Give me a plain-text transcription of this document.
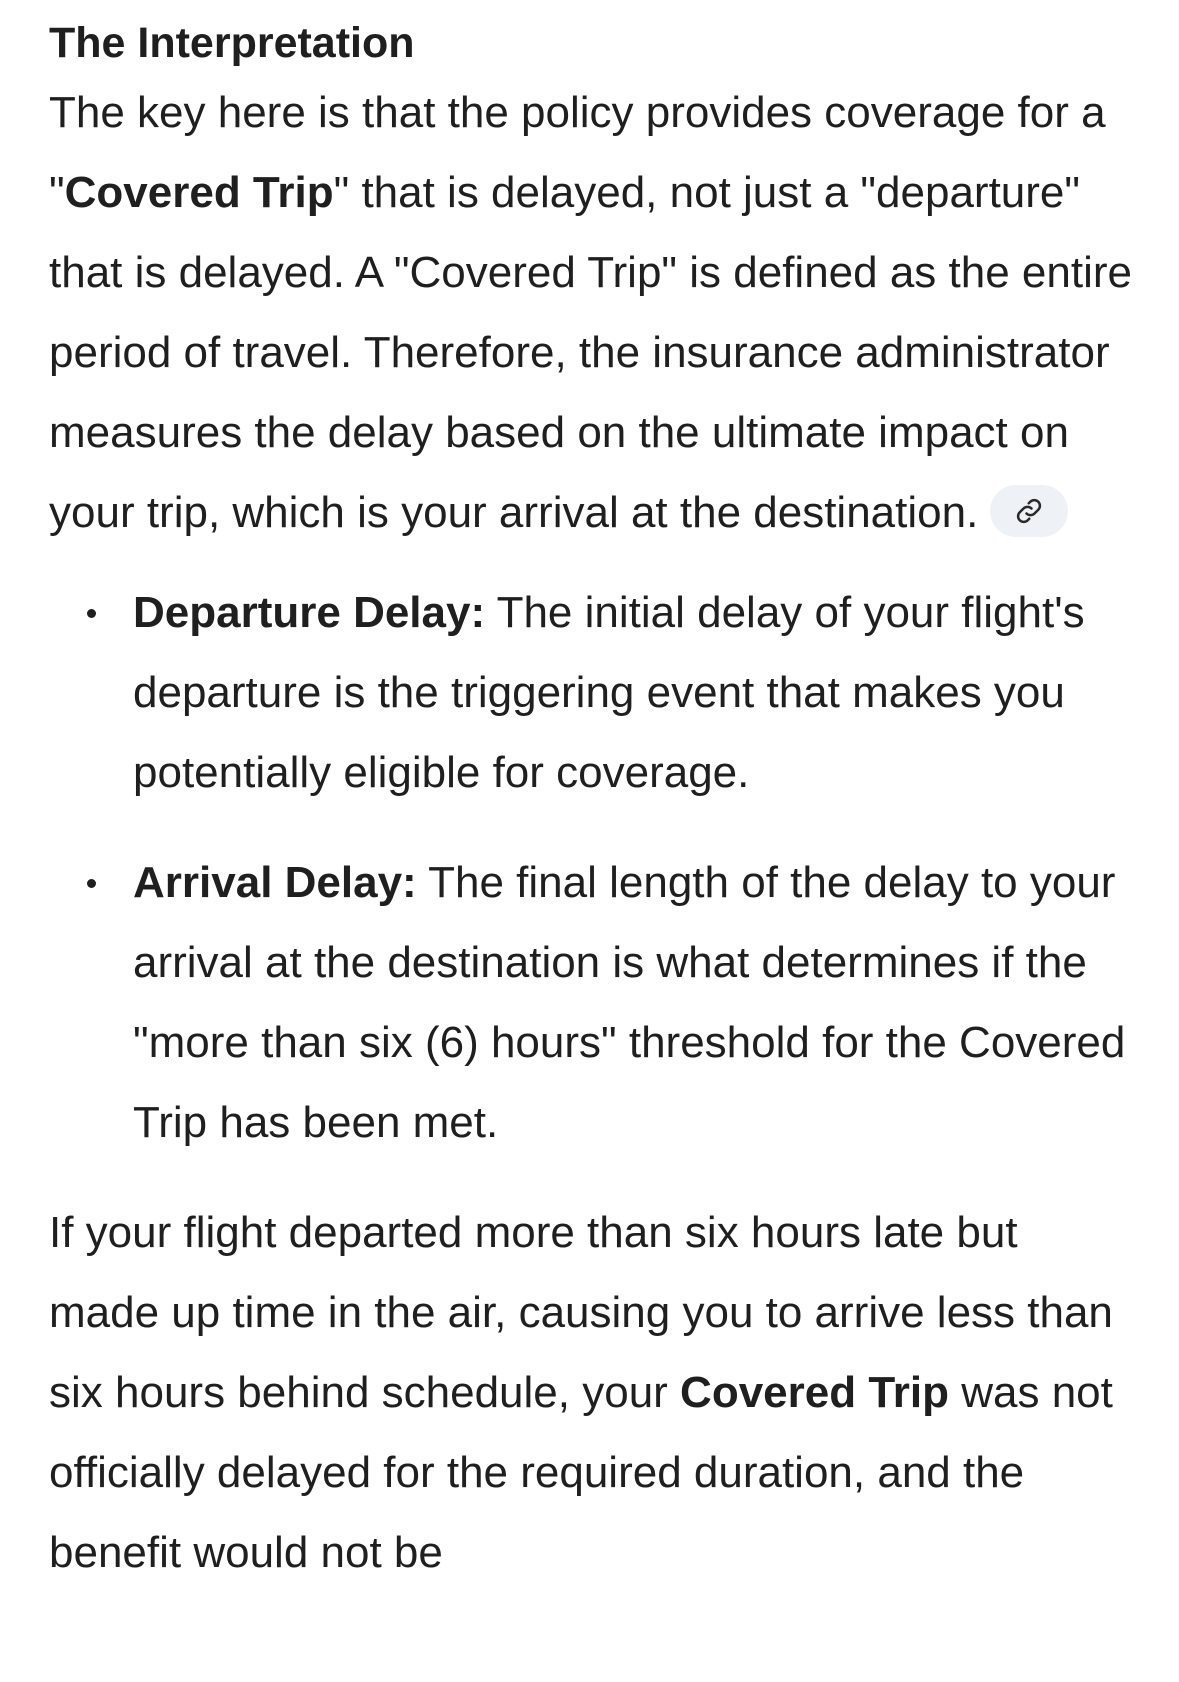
The Interpretation

The key here is that the policy provides coverage for a "Covered Trip" that is delayed, not just a "departure" that is delayed. A "Covered Trip" is defined as the entire period of travel. Therefore, the insurance administrator measures the delay based on the ultimate impact on your trip, which is your arrival at the destination.

Departure Delay: The initial delay of your flight's departure is the triggering event that makes you potentially eligible for coverage.
Arrival Delay: The final length of the delay to your arrival at the destination is what determines if the "more than six (6) hours" threshold for the Covered Trip has been met.

If your flight departed more than six hours late but made up time in the air, causing you to arrive less than six hours behind schedule, your Covered Trip was not officially delayed for the required duration, and the benefit would not be
